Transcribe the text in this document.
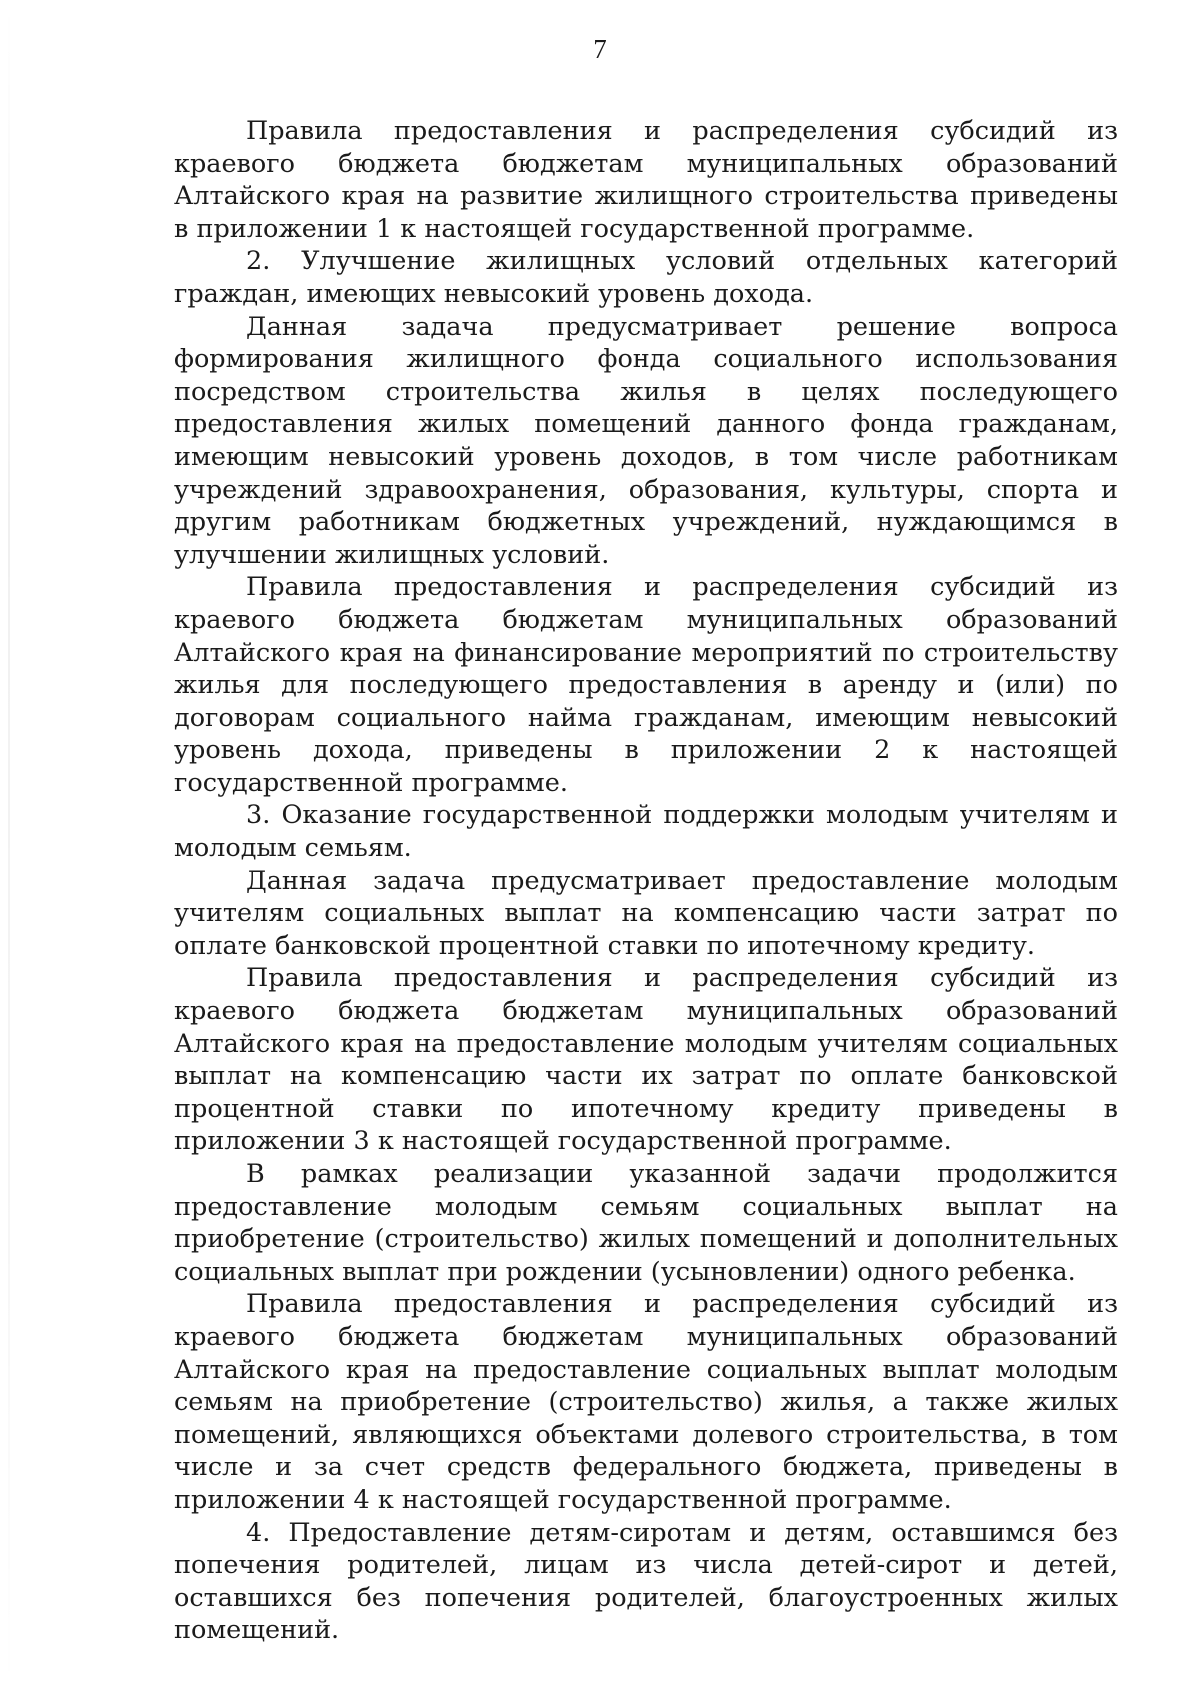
7

Правила предоставления и распределения субсидий из краевого бюджета бюджетам муниципальных образований Алтайского края на развитие жилищного строительства приведены в приложении 1 к настоящей государственной программе.

2. Улучшение жилищных условий отдельных категорий граждан, имеющих невысокий уровень дохода.

Данная задача предусматривает решение вопроса формирования жилищного фонда социального использования посредством строительства жилья в целях последующего предоставления жилых помещений данного фонда гражданам, имеющим невысокий уровень доходов, в том числе работникам учреждений здравоохранения, образования, культуры, спорта и другим работникам бюджетных учреждений, нуждающимся в улучшении жилищных условий.

Правила предоставления и распределения субсидий из краевого бюджета бюджетам муниципальных образований Алтайского края на финансирование мероприятий по строительству жилья для последующего предоставления в аренду и (или) по договорам социального найма гражданам, имеющим невысокий уровень дохода, приведены в приложении 2 к настоящей государственной программе.

3. Оказание государственной поддержки молодым учителям и молодым семьям.

Данная задача предусматривает предоставление молодым учителям социальных выплат на компенсацию части затрат по оплате банковской процентной ставки по ипотечному кредиту.

Правила предоставления и распределения субсидий из краевого бюджета бюджетам муниципальных образований Алтайского края на предоставление молодым учителям социальных выплат на компенсацию части их затрат по оплате банковской процентной ставки по ипотечному кредиту приведены в приложении 3 к настоящей государственной программе.

В рамках реализации указанной задачи продолжится предоставление молодым семьям социальных выплат на приобретение (строительство) жилых помещений и дополнительных социальных выплат при рождении (усыновлении) одного ребенка.

Правила предоставления и распределения субсидий из краевого бюджета бюджетам муниципальных образований Алтайского края на предоставление социальных выплат молодым семьям на приобретение (строительство) жилья, а также жилых помещений, являющихся объектами долевого строительства, в том числе и за счет средств федерального бюджета, приведены в приложении 4 к настоящей государственной программе.

4. Предоставление детям-сиротам и детям, оставшимся без попечения родителей, лицам из числа детей-сирот и детей, оставшихся без попечения родителей, благоустроенных жилых помещений.
